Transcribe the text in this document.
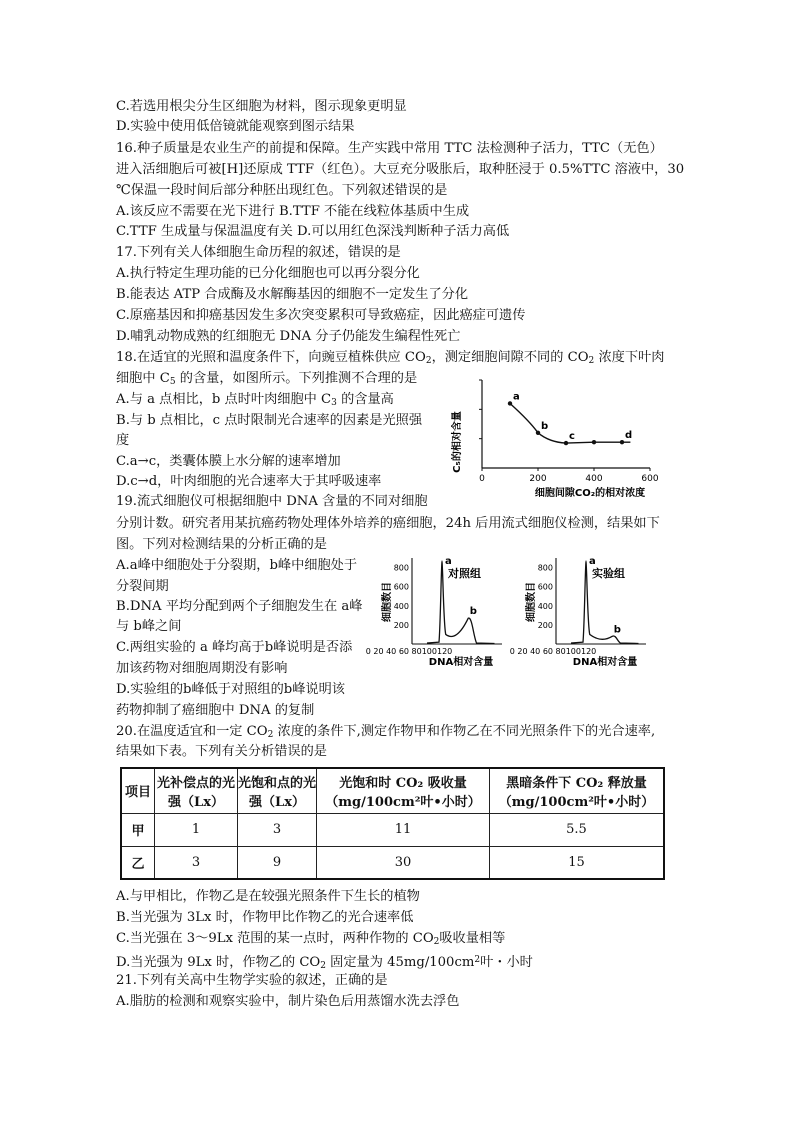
C.若选用根尖分生区细胞为材料，图示现象更明显
D.实验中使用低倍镜就能观察到图示结果
16.种子质量是农业生产的前提和保障。生产实践中常用 TTC 法检测种子活力，TTC（无色）
进入活细胞后可被[H]还原成 TTF（红色）。大豆充分吸胀后，取种胚浸于 0.5%TTC 溶液中，30
℃保温一段时间后部分种胚出现红色。下列叙述错误的是
A.该反应不需要在光下进行 B.TTF 不能在线粒体基质中生成
C.TTF 生成量与保温温度有关 D.可以用红色深浅判断种子活力高低
17.下列有关人体细胞生命历程的叙述，错误的是
A.执行特定生理功能的已分化细胞也可以再分裂分化
B.能表达 ATP 合成酶及水解酶基因的细胞不一定发生了分化
C.原癌基因和抑癌基因发生多次突变累积可导致癌症，因此癌症可遗传
D.哺乳动物成熟的红细胞无 DNA 分子仍能发生编程性死亡
18.在适宜的光照和温度条件下，向豌豆植株供应 $CO_2$，测定细胞间隙不同的 $CO_2$ 浓度下叶肉
细胞中 $C_5$ 的含量，如图所示。下列推测不合理的是
A.与 a 点相比，b 点时叶肉细胞中 $C_3$ 的含量高
B.与 b 点相比，c 点时限制光合速率的因素是光照强
度
C.a→c，类囊体膜上水分解的速率增加
D.c→d，叶肉细胞的光合速率大于其呼吸速率
19.流式细胞仪可根据细胞中 DNA 含量的不同对细胞
分别计数。研究者用某抗癌药物处理体外培养的癌细胞，24h 后用流式细胞仪检测，结果如下
图。下列对检测结果的分析正确的是
A.a峰中细胞处于分裂期，b峰中细胞处于
分裂间期
B.DNA 平均分配到两个子细胞发生在 a峰
与 b峰之间
C.两组实验的 a 峰均高于b峰说明是否添
加该药物对细胞周期没有影响
D.实验组的b峰低于对照组的b峰说明该
药物抑制了癌细胞中 DNA 的复制
20.在温度适宜和一定 $CO_2$ 浓度的条件下,测定作物甲和作物乙在不同光照条件下的光合速率,
结果如下表。下列有关分析错误的是
项目	光补偿点的光强（Lx）	光饱和点的光强（Lx）	光饱和时 CO₂ 吸收量（mg/100cm²叶•小时）	黑暗条件下 CO₂ 释放量（mg/100cm²叶•小时）
甲	1	3	11	5.5
乙	3	9	30	15
A.与甲相比，作物乙是在较强光照条件下生长的植物
B.当光强为 3Lx 时，作物甲比作物乙的光合速率低
C.当光强在 3～9Lx 范围的某一点时，两种作物的 $CO_2$吸收量相等
D.当光强为 9Lx 时，作物乙的 $CO_2$ 固定量为 $45mg/100cm^2$叶・小时
21.下列有关高中生物学实验的叙述，正确的是
A.脂肪的检测和观察实验中，制片染色后用蒸馏水洗去浮色
C₅的相对含量
0	200	400	600
a
b
c	d
细胞间隙CO₂的相对浓度
细胞数目
200
400
600
800
0 20 40 60 80100120
DNA相对含量
a
b
对照组
细胞数目
200
400
600
800
0 20 40 60 80100120
DNA相对含量
a
b
实验组
